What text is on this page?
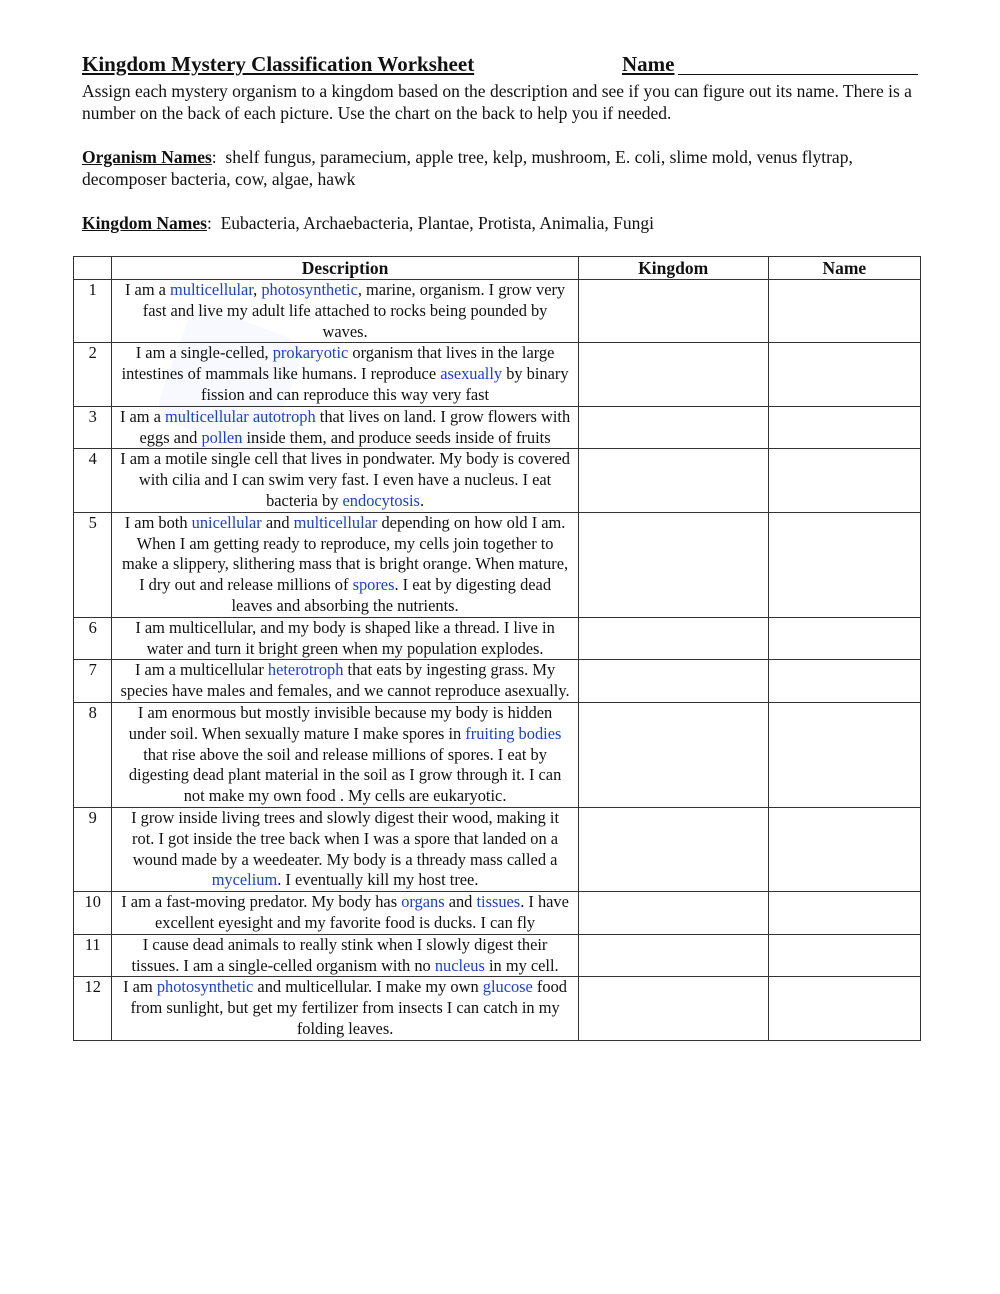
Kingdom Mystery Classification Worksheet	Name
Assign each mystery organism to a kingdom based on the description and see if you can figure out its name. There is a number on the back of each picture. Use the chart on the back to help you if needed.
Organism Names:  shelf fungus, paramecium, apple tree, kelp, mushroom, E. coli, slime mold, venus flytrap, decomposer bacteria, cow, algae, hawk
Kingdom Names:  Eubacteria, Archaebacteria, Plantae, Protista, Animalia, Fungi
	Description	Kingdom	Name
1	I am a multicellular, photosynthetic, marine, organism. I grow very fast and live my adult life attached to rocks being pounded by waves.		
2	I am a single-celled, prokaryotic organism that lives in the large intestines of mammals like humans. I reproduce asexually by binary fission and can reproduce this way very fast		
3	I am a multicellular autotroph that lives on land. I grow flowers with eggs and pollen inside them, and produce seeds inside of fruits		
4	I am a motile single cell that lives in pondwater. My body is covered with cilia and I can swim very fast. I even have a nucleus. I eat bacteria by endocytosis.		
5	I am both unicellular and multicellular depending on how old I am. When I am getting ready to reproduce, my cells join together to make a slippery, slithering mass that is bright orange. When mature, I dry out and release millions of spores. I eat by digesting dead leaves and absorbing the nutrients.		
6	I am multicellular, and my body is shaped like a thread. I live in water and turn it bright green when my population explodes.		
7	I am a multicellular heterotroph that eats by ingesting grass. My species have males and females, and we cannot reproduce asexually.		
8	I am enormous but mostly invisible because my body is hidden under soil. When sexually mature I make spores in fruiting bodies that rise above the soil and release millions of spores. I eat by digesting dead plant material in the soil as I grow through it. I can not make my own food . My cells are eukaryotic.		
9	I grow inside living trees and slowly digest their wood, making it rot. I got inside the tree back when I was a spore that landed on a wound made by a weedeater. My body is a thready mass called a mycelium. I eventually kill my host tree.		
10	I am a fast-moving predator. My body has organs and tissues. I have excellent eyesight and my favorite food is ducks. I can fly		
11	I cause dead animals to really stink when I slowly digest their tissues. I am a single-celled organism with no nucleus in my cell.		
12	I am photosynthetic and multicellular. I make my own glucose food from sunlight, but get my fertilizer from insects I can catch in my folding leaves.		
